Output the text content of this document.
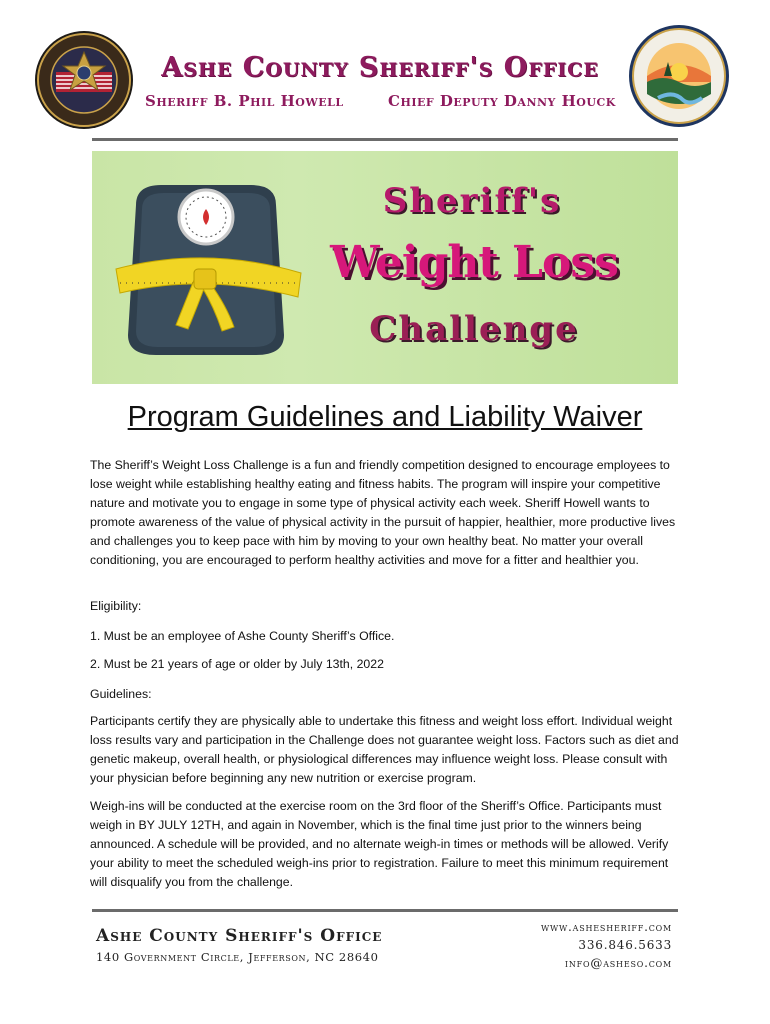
Ashe County Sheriff's Office
Sheriff B. Phil Howell	Chief Deputy Danny Houck
Sheriff's
Weight Loss
Challenge
Program Guidelines and Liability Waiver

The Sheriff’s Weight Loss Challenge is a fun and friendly competition designed to encourage employees to lose weight while establishing healthy eating and fitness habits. The program will inspire your competitive nature and motivate you to engage in some type of physical activity each week. Sheriff Howell wants to promote awareness of the value of physical activity in the pursuit of happier, healthier, more productive lives and challenges you to keep pace with him by moving to your own healthy beat. No matter your overall conditioning, you are encouraged to perform healthy activities and move for a fitter and healthier you.

Eligibility:

1. Must be an employee of Ashe County Sheriff’s Office.

2. Must be 21 years of age or older by July 13th, 2022

Guidelines:

Participants certify they are physically able to undertake this fitness and weight loss effort. Individual weight loss results vary and participation in the Challenge does not guarantee weight loss. Factors such as diet and genetic makeup, overall health, or physiological differences may influence weight loss. Please consult with your physician before beginning any new nutrition or exercise program.

Weigh-ins will be conducted at the exercise room on the 3rd floor of the Sheriff’s Office. Participants must weigh in BY JULY 12TH, and again in November, which is the final time just prior to the winners being announced. A schedule will be provided, and no alternate weigh-in times or methods will be allowed. Verify your ability to meet the scheduled weigh-ins prior to registration. Failure to meet this minimum requirement will disqualify you from the challenge.

Ashe County Sheriff's Office
140 Government Circle, Jefferson, NC 28640
www.ashesheriff.com
336.846.5633
info@asheso.com
